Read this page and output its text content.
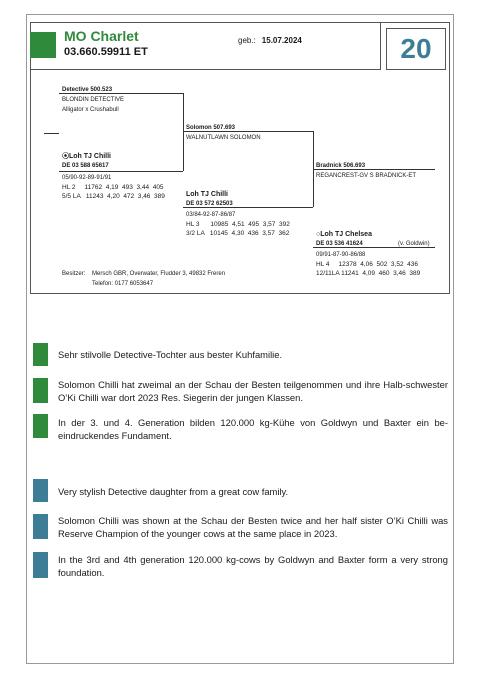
MO Charlet
03.660.59911 ET
geb.: 15.07.2024	20
Detective 500.523
BLONDIN DETECTIVE
Alligator x Crushabull
⦿Loh TJ Chilli
DE 03 588 65617
05/90-92-89-91/91
HL 2     11762  4,19  493  3,44  405
5/5 LA   11243  4,20  472  3,46  389
Solomon 507.693
WALNUTLAWN SOLOMON
Loh TJ Chilli
DE 03 572 62503
03/84-92-87-86/87
HL 3      10985  4,51  495  3,57  392
3/2 LA   10145  4,30  436  3,57  362
Bradnick 506.693
REGANCREST-GV S BRADNICK-ET
○Loh TJ Chelsea
DE 03 536 41624	(v. Goldwin)
09/91-87-90-86/88
HL 4     12378  4,06  502  3,52  436
12/11LA 11241  4,09  460  3,46  389
Besitzer: Mersch GBR, Overwater, Fludder 3, 49832 Freren
Telefon: 0177 6053647
Sehr stilvolle Detective-Tochter aus bester Kuhfamilie.
Solomon Chilli hat zweimal an der Schau der Besten teilgenommen und ihre Halb-schwester O’Ki Chilli war dort 2023 Res. Siegerin der jungen Klassen.
In der 3. und 4. Generation bilden 120.000 kg-Kühe von Goldwyn und Baxter ein be-eindruckendes Fundament.
Very stylish Detective daughter from a great cow family.
Solomon Chilli was shown at the Schau der Besten twice and her half sister O’Ki Chilli was Reserve Champion of the younger cows at the same place in 2023.
In the 3rd and 4th generation 120.000 kg-cows by Goldwyn and Baxter form a very strong foundation.
